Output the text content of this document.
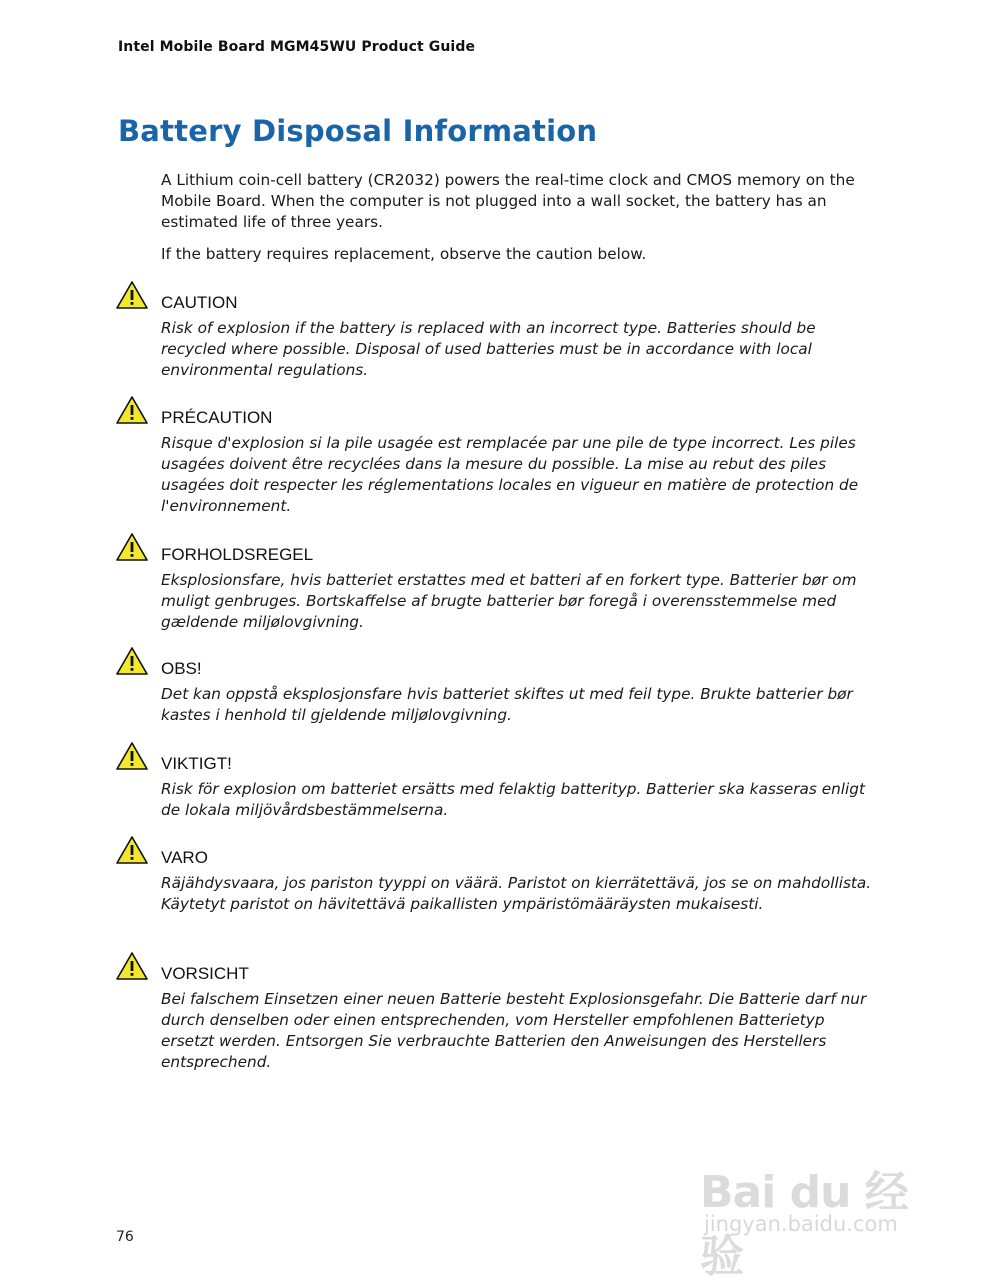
Intel Mobile Board MGM45WU Product Guide
Battery Disposal Information

A Lithium coin-cell battery (CR2032) powers the real-time clock and CMOS memory on the Mobile Board. When the computer is not plugged into a wall socket, the battery has an estimated life of three years.

If the battery requires replacement, observe the caution below.

CAUTION

Risk of explosion if the battery is replaced with an incorrect type. Batteries should be recycled where possible. Disposal of used batteries must be in accordance with local environmental regulations.

PRÉCAUTION

Risque d'explosion si la pile usagée est remplacée par une pile de type incorrect. Les piles usagées doivent être recyclées dans la mesure du possible. La mise au rebut des piles usagées doit respecter les réglementations locales en vigueur en matière de protection de l'environnement.

FORHOLDSREGEL

Eksplosionsfare, hvis batteriet erstattes med et batteri af en forkert type. Batterier bør om muligt genbruges. Bortskaffelse af brugte batterier bør foregå i overensstemmelse med gældende miljølovgivning.

OBS!

Det kan oppstå eksplosjonsfare hvis batteriet skiftes ut med feil type. Brukte batterier bør kastes i henhold til gjeldende miljølovgivning.

VIKTIGT!

Risk för explosion om batteriet ersätts med felaktig batterityp. Batterier ska kasseras enligt de lokala miljövårdsbestämmelserna.

VARO

Räjähdysvaara, jos pariston tyyppi on väärä. Paristot on kierrätettävä, jos se on mahdollista. Käytetyt paristot on hävitettävä paikallisten ympäristömääräysten mukaisesti.

VORSICHT

Bei falschem Einsetzen einer neuen Batterie besteht Explosionsgefahr. Die Batterie darf nur durch denselben oder einen entsprechenden, vom Hersteller empfohlenen Batterietyp ersetzt werden. Entsorgen Sie verbrauchte Batterien den Anweisungen des Herstellers entsprechend.

Bai du 经验
jingyan.baidu.com
76
